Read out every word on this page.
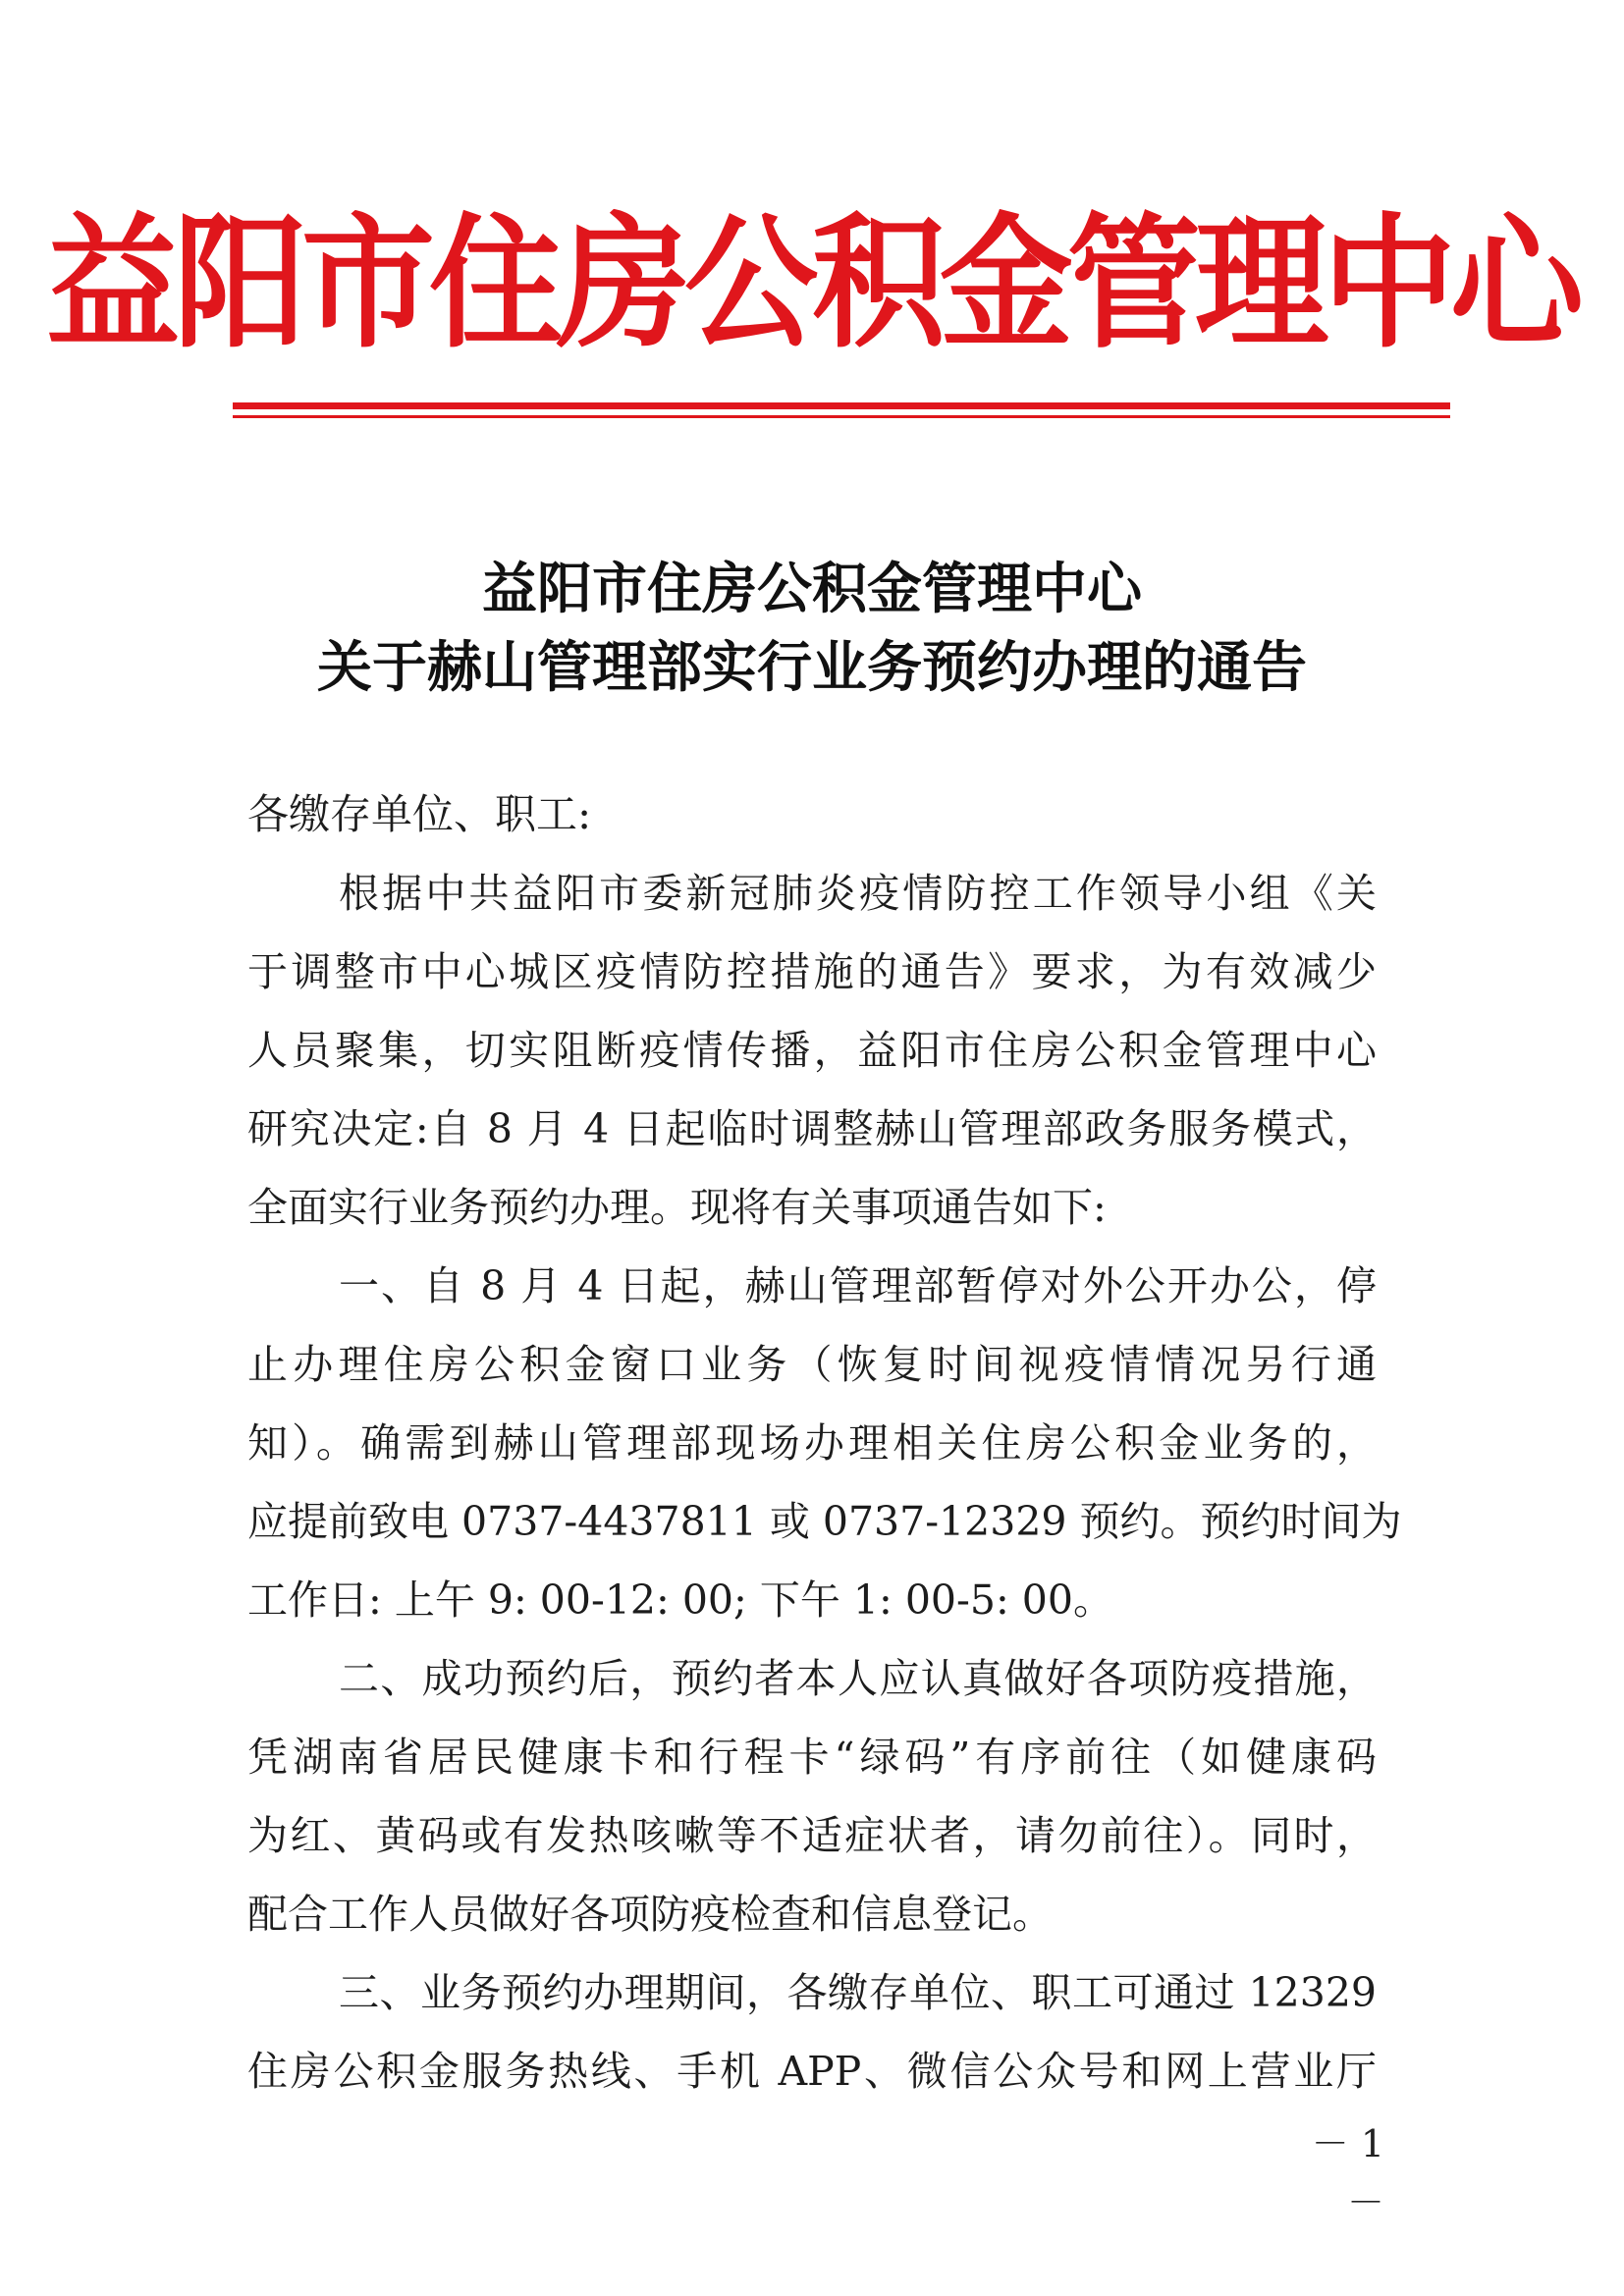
益阳市住房公积金管理中心
益阳市住房公积金管理中心
关于赫山管理部实行业务预约办理的通告
各缴存单位、职工:
根据中共益阳市委新冠肺炎疫情防控工作领导小组《关
于调整市中心城区疫情防控措施的通告》要求，为有效减少
人员聚集，切实阻断疫情传播，益阳市住房公积金管理中心
研究决定:自 8 月 4 日起临时调整赫山管理部政务服务模式，
全面实行业务预约办理。现将有关事项通告如下:
一、自 8 月 4 日起，赫山管理部暂停对外公开办公，停
止办理住房公积金窗口业务（恢复时间视疫情情况另行通
知）。确需到赫山管理部现场办理相关住房公积金业务的，
应提前致电 0737-4437811 或 0737-12329 预约。预约时间为
工作日: 上午 9: 00-12: 00; 下午 1: 00-5: 00。
二、成功预约后，预约者本人应认真做好各项防疫措施，
凭湖南省居民健康卡和行程卡“绿码”有序前往（如健康码
为红、黄码或有发热咳嗽等不适症状者，请勿前往）。同时，
配合工作人员做好各项防疫检查和信息登记。
三、业务预约办理期间，各缴存单位、职工可通过 12329
住房公积金服务热线、手机 APP、微信公众号和网上营业厅
－ 1 －
